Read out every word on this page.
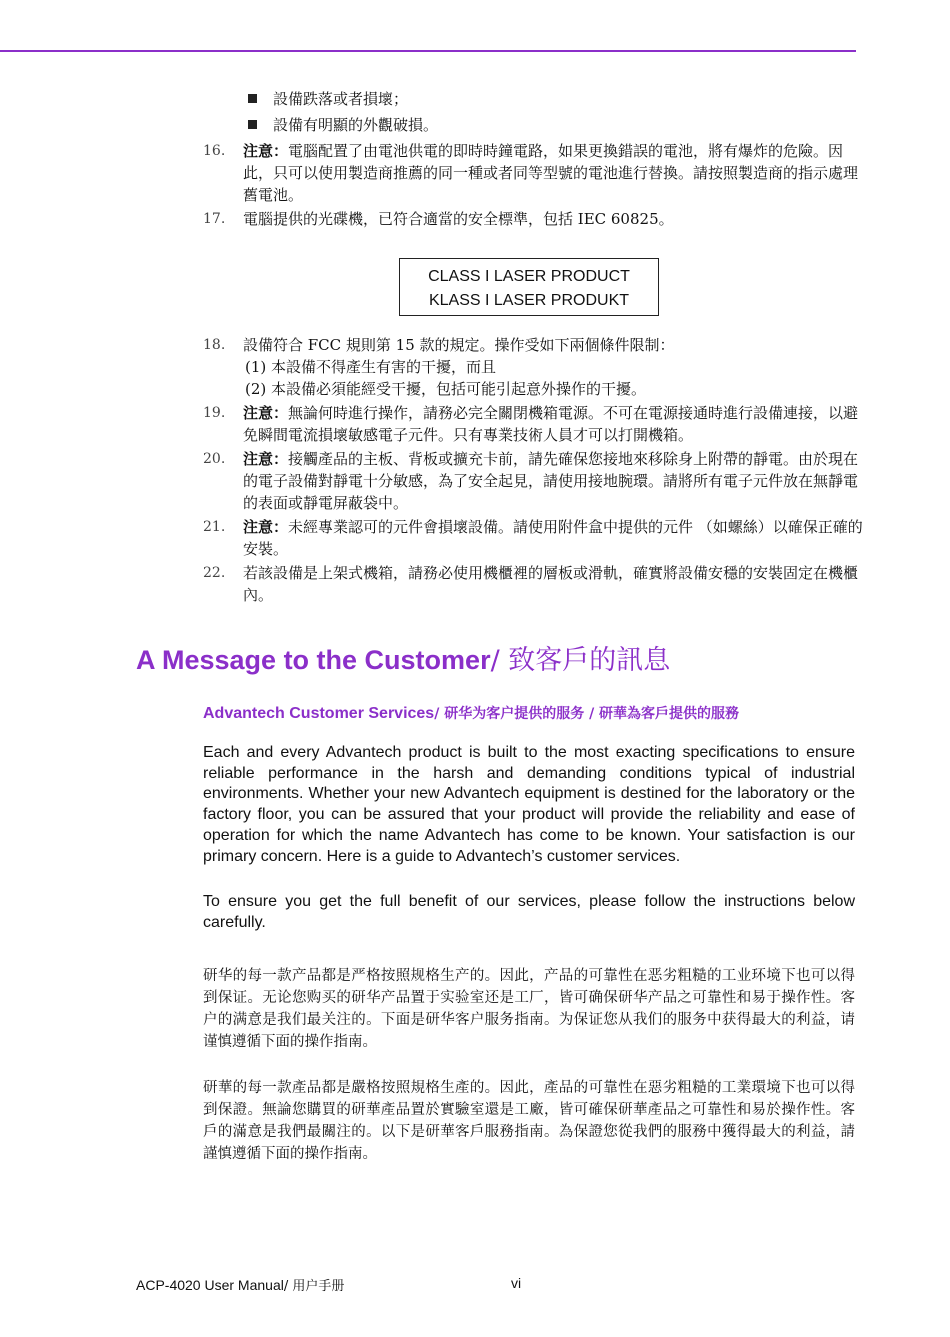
設備跌落或者損壞；
設備有明顯的外觀破損。
16. 注意：電腦配置了由電池供電的即時時鐘電路，如果更換錯誤的電池，將有爆炸的危險。因此，只可以使用製造商推薦的同一種或者同等型號的電池進行替換。請按照製造商的指示處理舊電池。
17. 電腦提供的光碟機，已符合適當的安全標準，包括 IEC 60825。
CLASS I LASER PRODUCT
KLASS I LASER PRODUKT
18. 設備符合 FCC 規則第 15 款的規定。操作受如下兩個條件限制：
(1) 本設備不得產生有害的干擾，而且
(2) 本設備必須能經受干擾，包括可能引起意外操作的干擾。
19. 注意：無論何時進行操作，請務必完全關閉機箱電源。不可在電源接通時進行設備連接，以避免瞬間電流損壞敏感電子元件。只有專業技術人員才可以打開機箱。
20. 注意：接觸產品的主板、背板或擴充卡前，請先確保您接地來移除身上附帶的靜電。由於現在的電子設備對靜電十分敏感，為了安全起見，請使用接地腕環。請將所有電子元件放在無靜電的表面或靜電屏蔽袋中。
21. 注意：未經專業認可的元件會損壞設備。請使用附件盒中提供的元件 （如螺絲）以確保正確的安裝。
22. 若該設備是上架式機箱，請務必使用機櫃裡的層板或滑軌，確實將設備安穩的安裝固定在機櫃內。
A Message to the Customer/ 致客戶的訊息
Advantech Customer Services/ 研华为客户提供的服务 / 研華為客戶提供的服務
Each and every Advantech product is built to the most exacting specifications to ensure reliable performance in the harsh and demanding conditions typical of industrial environments. Whether your new Advantech equipment is destined for the laboratory or the factory floor, you can be assured that your product will provide the reliability and ease of operation for which the name Advantech has come to be known. Your satisfaction is our primary concern. Here is a guide to Advantech’s customer services.
To ensure you get the full benefit of our services, please follow the instructions below carefully.
研华的每一款产品都是严格按照规格生产的。因此，产品的可靠性在恶劣粗糙的工业环境下也可以得到保证。无论您购买的研华产品置于实验室还是工厂，皆可确保研华产品之可靠性和易于操作性。客户的满意是我们最关注的。下面是研华客户服务指南。为保证您从我们的服务中获得最大的利益，请谨慎遵循下面的操作指南。
研華的每一款產品都是嚴格按照規格生產的。因此，產品的可靠性在惡劣粗糙的工業環境下也可以得到保證。無論您購買的研華產品置於實驗室還是工廠，皆可確保研華產品之可靠性和易於操作性。客戶的滿意是我們最關注的。以下是研華客戶服務指南。為保證您從我們的服務中獲得最大的利益，請謹慎遵循下面的操作指南。
ACP-4020 User Manual/ 用户手册	vi
